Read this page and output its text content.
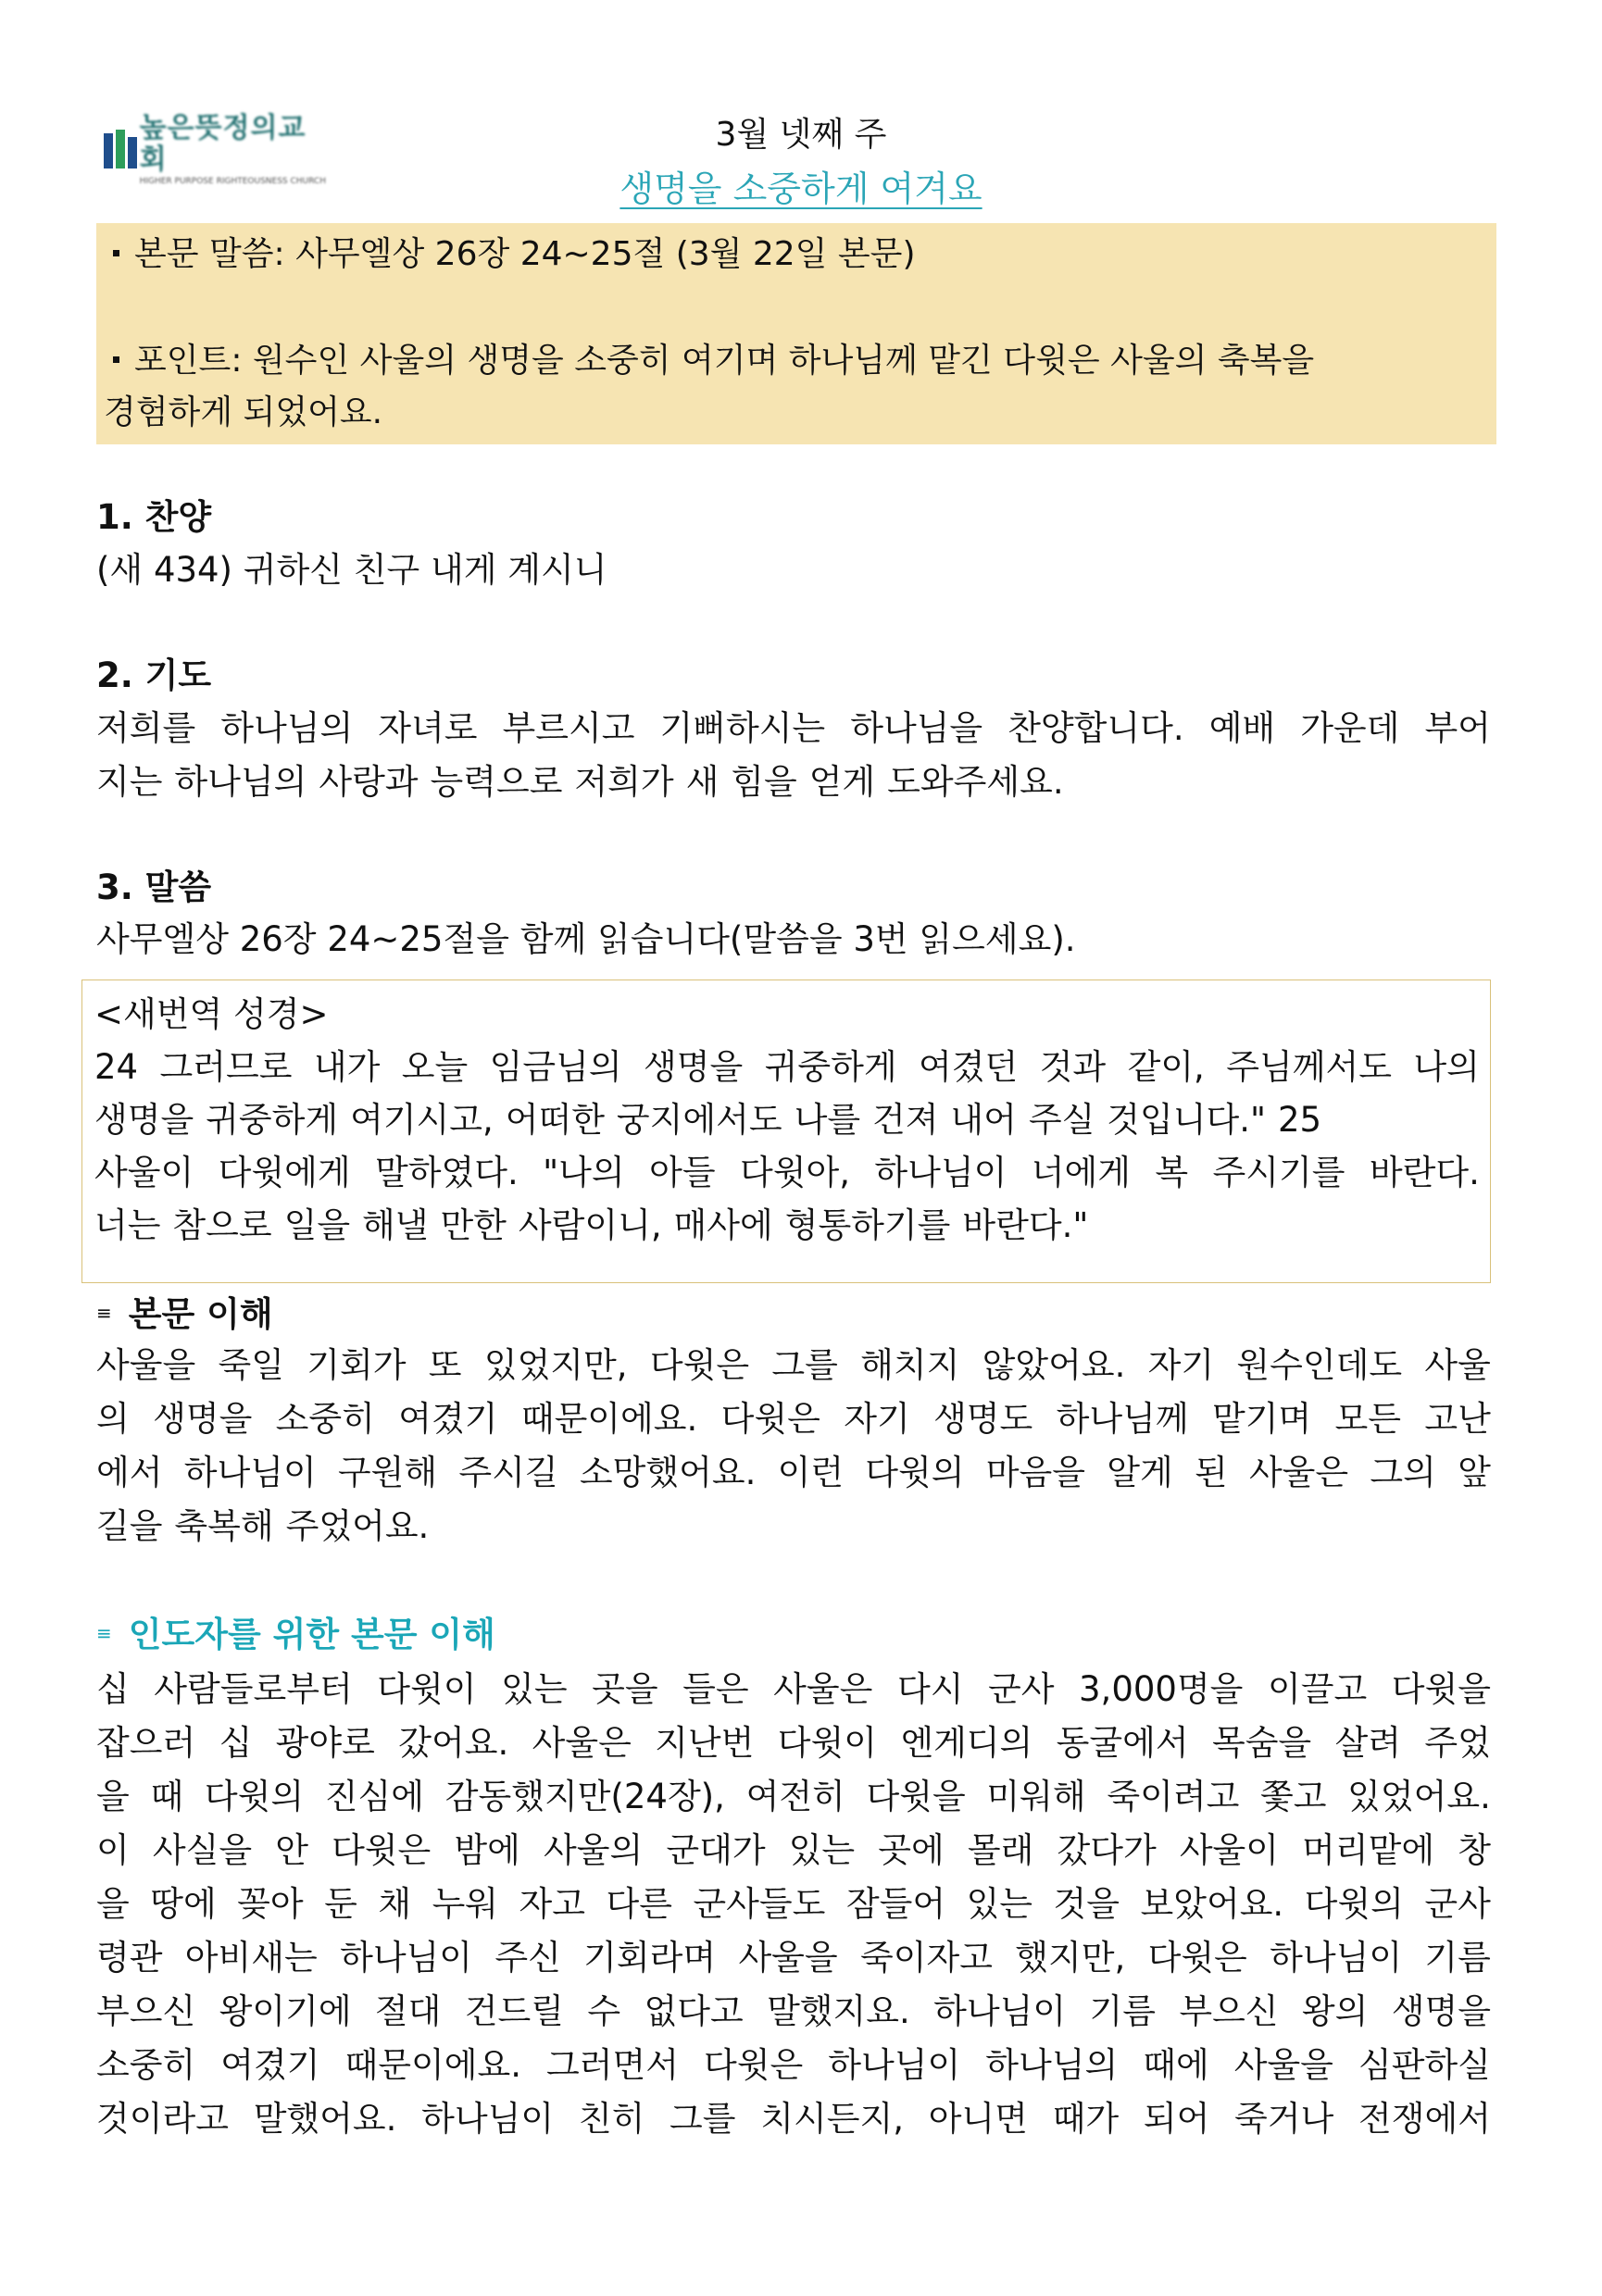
높은뜻정의교회
HIGHER PURPOSE RIGHTEOUSNESS CHURCH
3월 넷째 주
생명을 소중하게 여겨요
본문 말씀: 사무엘상 26장 24~25절 (3월 22일 본문)
포인트: 원수인 사울의 생명을 소중히 여기며 하나님께 맡긴 다윗은 사울의 축복을
경험하게 되었어요.
1. 찬양
(새 434) 귀하신 친구 내게 계시니
2. 기도
저희를 하나님의 자녀로 부르시고 기뻐하시는 하나님을 찬양합니다. 예배 가운데 부어
지는 하나님의 사랑과 능력으로 저희가 새 힘을 얻게 도와주세요.
3. 말씀
사무엘상 26장 24~25절을 함께 읽습니다(말씀을 3번 읽으세요).
<새번역 성경>
24 그러므로 내가 오늘 임금님의 생명을 귀중하게 여겼던 것과 같이, 주님께서도 나의
생명을 귀중하게 여기시고, 어떠한 궁지에서도 나를 건져 내어 주실 것입니다." 25
사울이 다윗에게 말하였다. "나의 아들 다윗아, 하나님이 너에게 복 주시기를 바란다.
너는 참으로 일을 해낼 만한 사람이니, 매사에 형통하기를 바란다."
≡ 본문 이해
사울을 죽일 기회가 또 있었지만, 다윗은 그를 해치지 않았어요. 자기 원수인데도 사울
의 생명을 소중히 여겼기 때문이에요. 다윗은 자기 생명도 하나님께 맡기며 모든 고난
에서 하나님이 구원해 주시길 소망했어요. 이런 다윗의 마음을 알게 된 사울은 그의 앞
길을 축복해 주었어요.
≡ 인도자를 위한 본문 이해
십 사람들로부터 다윗이 있는 곳을 들은 사울은 다시 군사 3,000명을 이끌고 다윗을
잡으러 십 광야로 갔어요. 사울은 지난번 다윗이 엔게디의 동굴에서 목숨을 살려 주었
을 때 다윗의 진심에 감동했지만(24장), 여전히 다윗을 미워해 죽이려고 쫓고 있었어요.
이 사실을 안 다윗은 밤에 사울의 군대가 있는 곳에 몰래 갔다가 사울이 머리맡에 창
을 땅에 꽂아 둔 채 누워 자고 다른 군사들도 잠들어 있는 것을 보았어요. 다윗의 군사
령관 아비새는 하나님이 주신 기회라며 사울을 죽이자고 했지만, 다윗은 하나님이 기름
부으신 왕이기에 절대 건드릴 수 없다고 말했지요. 하나님이 기름 부으신 왕의 생명을
소중히 여겼기 때문이에요. 그러면서 다윗은 하나님이 하나님의 때에 사울을 심판하실
것이라고 말했어요. 하나님이 친히 그를 치시든지, 아니면 때가 되어 죽거나 전쟁에서
